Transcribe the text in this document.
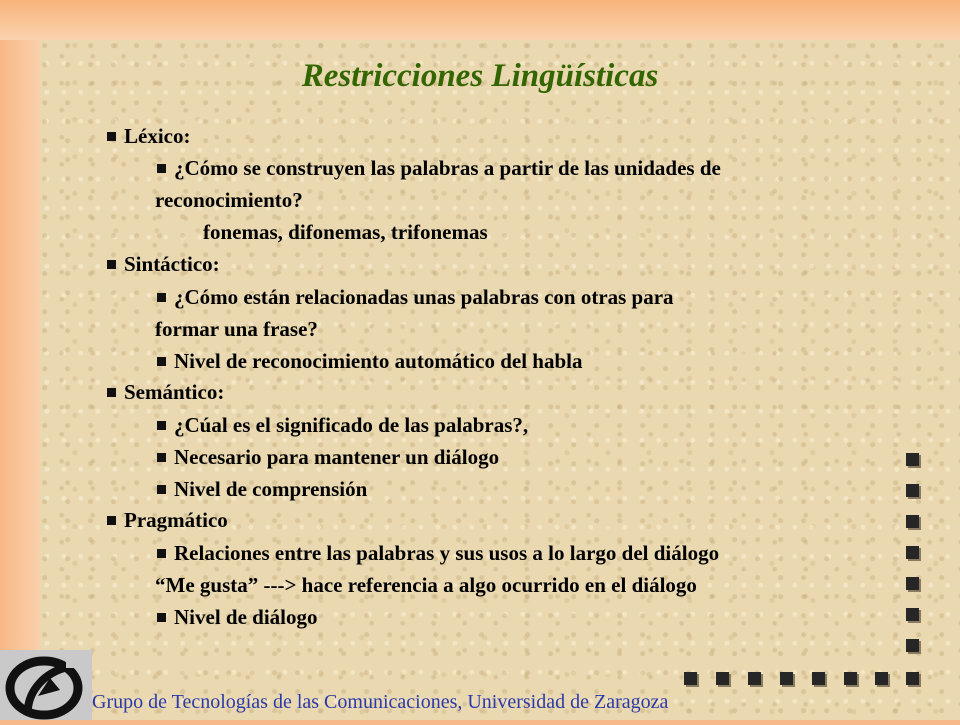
Restricciones Lingüísticas
Léxico:
¿Cómo se construyen las palabras a partir de las unidades de
reconocimiento?
fonemas, difonemas, trifonemas
Sintáctico:
¿Cómo están relacionadas unas palabras con otras para
formar una frase?
Nivel de reconocimiento automático del habla
Semántico:
¿Cúal es el significado de las palabras?,
Necesario para mantener un diálogo
Nivel de comprensión
Pragmático
Relaciones entre las palabras y sus usos a lo largo del diálogo
“Me gusta” ---> hace referencia a algo ocurrido en el diálogo
Nivel de diálogo
Grupo de Tecnologías de las Comunicaciones, Universidad de Zaragoza
